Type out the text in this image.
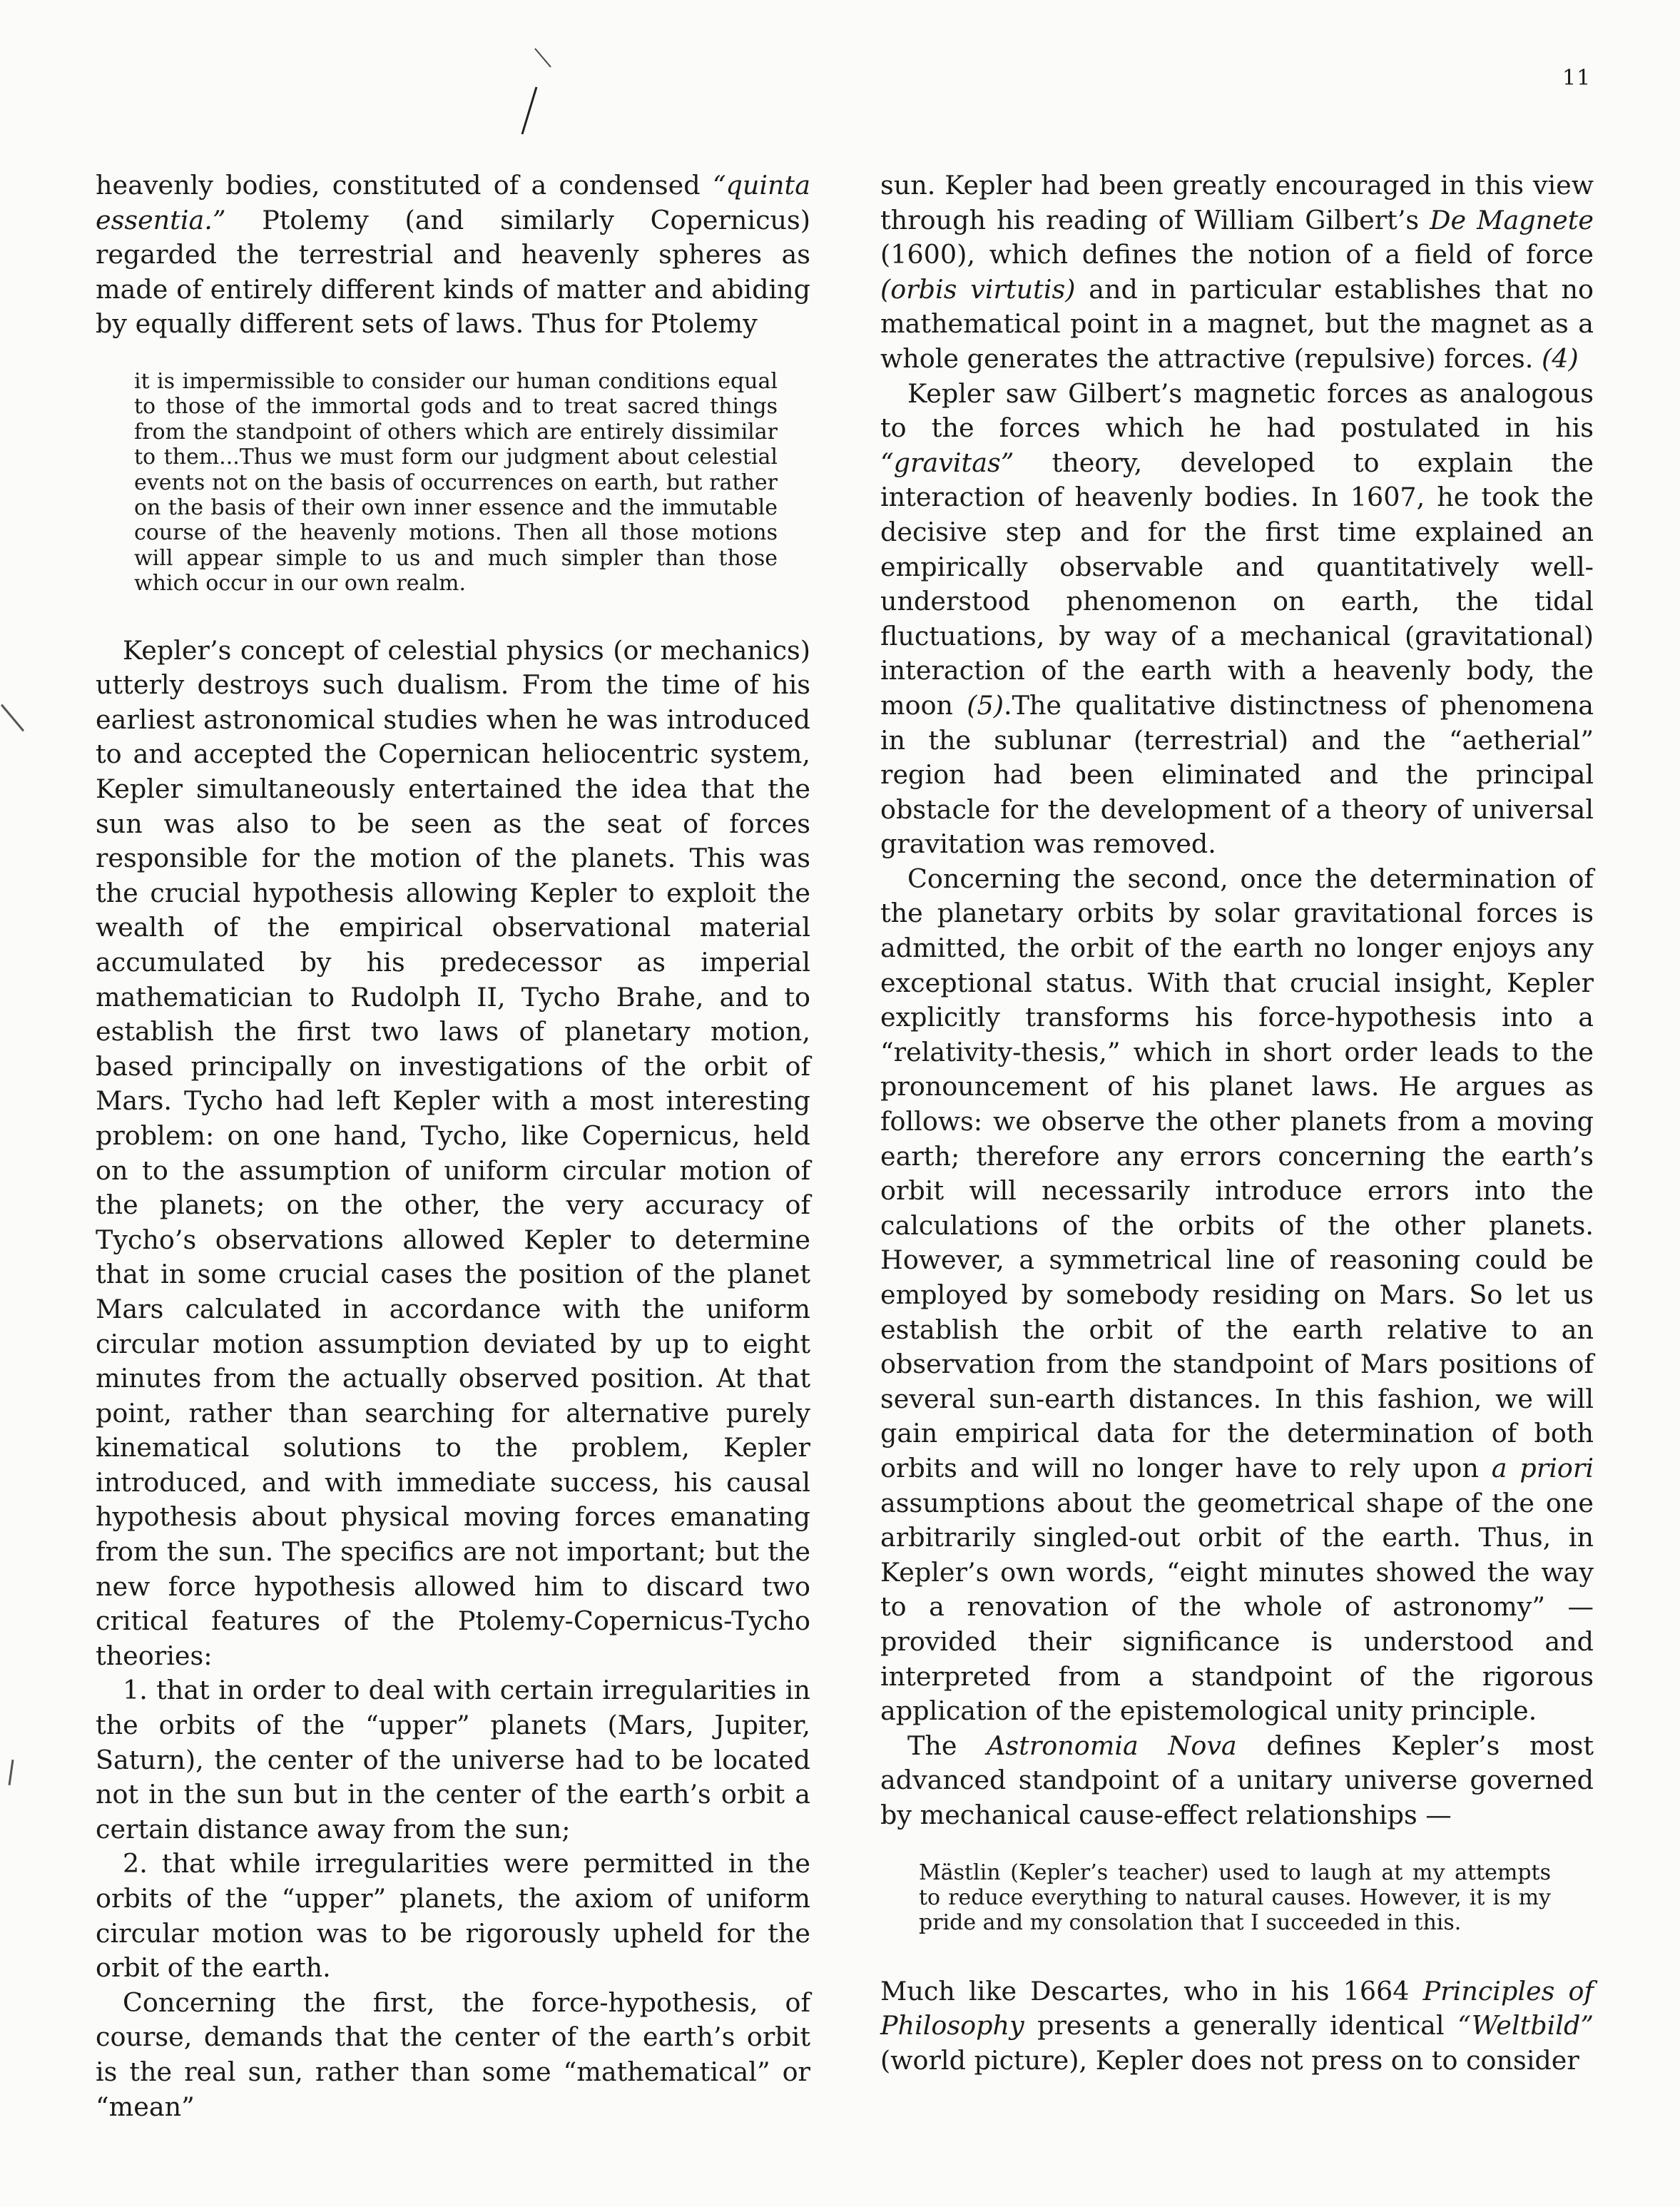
11

heavenly bodies, constituted of a condensed “quinta essentia.” Ptolemy (and similarly Copernicus) regarded the terrestrial and heavenly spheres as made of entirely different kinds of matter and abiding by equally different sets of laws. Thus for Ptolemy

it is impermissible to consider our human conditions equal to those of the immortal gods and to treat sacred things from the standpoint of others which are entirely dissimilar to them...Thus we must form our judgment about celestial events not on the basis of occurrences on earth, but rather on the basis of their own inner essence and the immutable course of the heavenly motions. Then all those motions will appear simple to us and much simpler than those which occur in our own realm.

Kepler’s concept of celestial physics (or mechanics) utterly destroys such dualism. From the time of his earliest astronomical studies when he was introduced to and accepted the Copernican heliocentric system, Kepler simultaneously entertained the idea that the sun was also to be seen as the seat of forces responsible for the motion of the planets. This was the crucial hypothesis allowing Kepler to exploit the wealth of the empirical observational material accumulated by his predecessor as imperial mathematician to Rudolph II, Tycho Brahe, and to establish the first two laws of planetary motion, based principally on investigations of the orbit of Mars. Tycho had left Kepler with a most interesting problem: on one hand, Tycho, like Copernicus, held on to the assumption of uniform circular motion of the planets; on the other, the very accuracy of Tycho’s observations allowed Kepler to determine that in some crucial cases the position of the planet Mars calculated in accordance with the uniform circular motion assumption deviated by up to eight minutes from the actually observed position. At that point, rather than searching for alternative purely kinematical solutions to the problem, Kepler introduced, and with immediate success, his causal hypothesis about physical moving forces emanating from the sun. The specifics are not important; but the new force hypothesis allowed him to discard two critical features of the Ptolemy-Copernicus-Tycho theories:

1. that in order to deal with certain irregularities in the orbits of the “upper” planets (Mars, Jupiter, Saturn), the center of the universe had to be located not in the sun but in the center of the earth’s orbit a certain distance away from the sun;

2. that while irregularities were permitted in the orbits of the “upper” planets, the axiom of uniform circular motion was to be rigorously upheld for the orbit of the earth.

Concerning the first, the force-hypothesis, of course, demands that the center of the earth’s orbit is the real sun, rather than some “mathematical” or “mean”

sun. Kepler had been greatly encouraged in this view through his reading of William Gilbert’s De Magnete (1600), which defines the notion of a field of force (orbis virtutis) and in particular establishes that no mathematical point in a magnet, but the magnet as a whole generates the attractive (repulsive) forces. (4)

Kepler saw Gilbert’s magnetic forces as analogous to the forces which he had postulated in his “gravitas” theory, developed to explain the interaction of heavenly bodies. In 1607, he took the decisive step and for the first time explained an empirically observable and quantitatively well-understood phenomenon on earth, the tidal fluctuations, by way of a mechanical (gravitational) interaction of the earth with a heavenly body, the moon (5).The qualitative distinctness of phenomena in the sublunar (terrestrial) and the “aetherial” region had been eliminated and the principal obstacle for the development of a theory of universal gravitation was removed.

Concerning the second, once the determination of the planetary orbits by solar gravitational forces is admitted, the orbit of the earth no longer enjoys any exceptional status. With that crucial insight, Kepler explicitly transforms his force-hypothesis into a “relativity-thesis,” which in short order leads to the pronouncement of his planet laws. He argues as follows: we observe the other planets from a moving earth; therefore any errors concerning the earth’s orbit will necessarily introduce errors into the calculations of the orbits of the other planets. However, a symmetrical line of reasoning could be employed by somebody residing on Mars. So let us establish the orbit of the earth relative to an observation from the standpoint of Mars positions of several sun-earth distances. In this fashion, we will gain empirical data for the determination of both orbits and will no longer have to rely upon a priori assumptions about the geometrical shape of the one arbitrarily singled-out orbit of the earth. Thus, in Kepler’s own words, “eight minutes showed the way to a renovation of the whole of astronomy” — provided their significance is understood and interpreted from a standpoint of the rigorous application of the epistemological unity principle.

The Astronomia Nova defines Kepler’s most advanced standpoint of a unitary universe governed by mechanical cause-effect relationships —

Mästlin (Kepler’s teacher) used to laugh at my attempts to reduce everything to natural causes. However, it is my pride and my consolation that I succeeded in this.

Much like Descartes, who in his 1664 Principles of Philosophy presents a generally identical “Weltbild” (world picture), Kepler does not press on to consider
